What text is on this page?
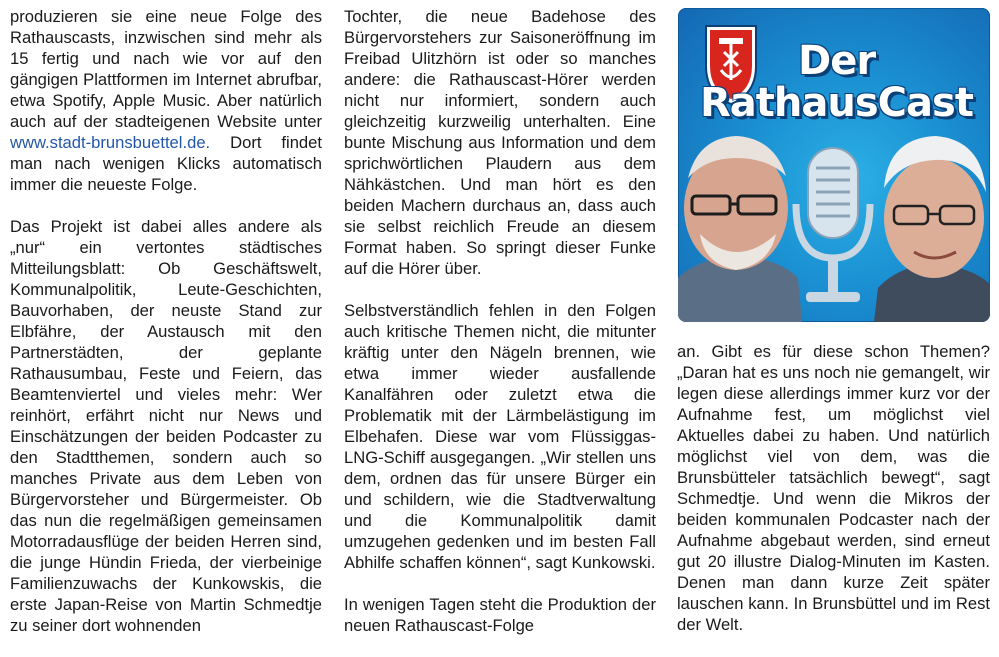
produzieren sie eine neue Folge des Rathauscasts, inzwischen sind mehr als 15 fertig und nach wie vor auf den gängigen Plattformen im Internet abrufbar, etwa Spotify, Apple Music. Aber natürlich auch auf der stadteigenen Website unter www.stadt-brunsbuettel.de. Dort findet man nach wenigen Klicks automatisch immer die neueste Folge.

Das Projekt ist dabei alles andere als „nur“ ein vertontes städtisches Mitteilungsblatt: Ob Geschäftswelt, Kommunalpolitik, Leute-Geschichten, Bauvorhaben, der neuste Stand zur Elbfähre, der Austausch mit den Partnerstädten, der geplante Rathausumbau, Feste und Feiern, das Beamtenviertel und vieles mehr: Wer reinhört, erfährt nicht nur News und Einschätzungen der beiden Podcaster zu den Stadtthemen, sondern auch so manches Private aus dem Leben von Bürgervorsteher und Bürgermeister. Ob das nun die regelmäßigen gemeinsamen Motorradausflüge der beiden Herren sind, die junge Hündin Frieda, der vierbeinige Familienzuwachs der Kunkowskis, die erste Japan-Reise von Martin Schmedtje zu seiner dort wohnenden

Tochter, die neue Badehose des Bürgervorstehers zur Saisoneröffnung im Freibad Ulitzhörn ist oder so manches andere: die Rathauscast-Hörer werden nicht nur informiert, sondern auch gleichzeitig kurzweilig unterhalten. Eine bunte Mischung aus Information und dem sprichwörtlichen Plaudern aus dem Nähkästchen. Und man hört es den beiden Machern durchaus an, dass auch sie selbst reichlich Freude an diesem Format haben. So springt dieser Funke auf die Hörer über.

Selbstverständlich fehlen in den Folgen auch kritische Themen nicht, die mitunter kräftig unter den Nägeln brennen, wie etwa immer wieder ausfallende Kanalfähren oder zuletzt etwa die Problematik mit der Lärmbelästigung im Elbehafen. Diese war vom Flüssiggas-LNG-Schiff ausgegangen. „Wir stellen uns dem, ordnen das für unsere Bürger ein und schildern, wie die Stadtverwaltung und die Kommunalpolitik damit umzugehen gedenken und im besten Fall Abhilfe schaffen können“, sagt Kunkowski.

In wenigen Tagen steht die Produktion der neuen Rathauscast-Folge

Der
RathausCast

an. Gibt es für diese schon Themen? „Daran hat es uns noch nie gemangelt, wir legen diese allerdings immer kurz vor der Aufnahme fest, um möglichst viel Aktuelles dabei zu haben. Und natürlich möglichst viel von dem, was die Brunsbütteler tatsächlich bewegt“, sagt Schmedtje. Und wenn die Mikros der beiden kommunalen Podcaster nach der Aufnahme abgebaut werden, sind erneut gut 20 illustre Dialog-Minuten im Kasten. Denen man dann kurze Zeit später lauschen kann. In Brunsbüttel und im Rest der Welt.
